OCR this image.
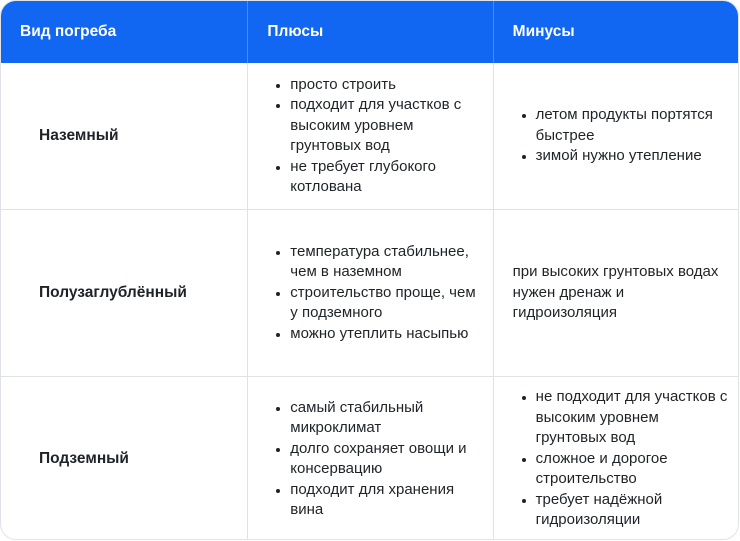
Вид погреба	Плюсы	Минусы
Наземный
просто строить
подходит для участков с высоким уровнем грунтовых вод
не требует глубокого котлована
летом продукты портятся быстрее
зимой нужно утепление
Полузаглублённый
температура стабильнее, чем в наземном
строительство проще, чем у подземного
можно утеплить насыпью
при высоких грунтовых водах нужен дренаж и гидроизоляция
Подземный
самый стабильный микроклимат
долго сохраняет овощи и консервацию
подходит для хранения вина
не подходит для участков с высоким уровнем грунтовых вод
сложное и дорогое строительство
требует надёжной гидроизоляции
